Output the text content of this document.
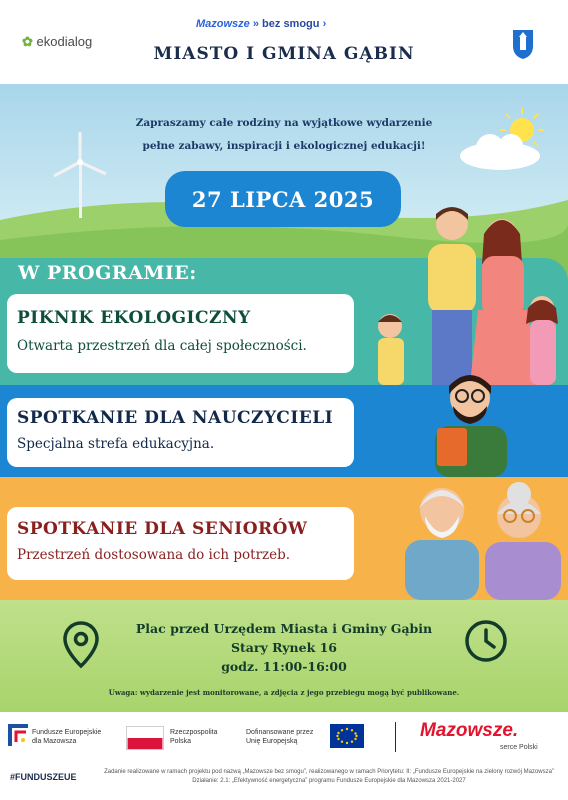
✿ ekodialog
Mazowsze » bez smogu ›
MIASTO I GMINA GĄBIN
Zapraszamy całe rodziny na wyjątkowe wydarzenie
pełne zabawy, inspiracji i ekologicznej edukacji!
27 LIPCA 2025
W PROGRAMIE:
PIKNIK EKOLOGICZNY
Otwarta przestrzeń dla całej społeczności.
SPOTKANIE DLA NAUCZYCIELI
Specjalna strefa edukacyjna.
SPOTKANIE DLA SENIORÓW
Przestrzeń dostosowana do ich potrzeb.
Plac przed Urzędem Miasta i Gminy Gąbin
Stary Rynek 16
godz. 11:00-16:00
Uwaga: wydarzenie jest monitorowane, a zdjęcia z jego przebiegu mogą być publikowane.
Fundusze Europejskie
dla Mazowsza
Rzeczpospolita
Polska
Dofinansowane przez
Unię Europejską
Mazowsze.
serce Polski
#FUNDUSZEUE	Zadanie realizowane w ramach projektu pod nazwą „Mazowsze bez smogu”, realizowanego w ramach Priorytetu: II: „Fundusze Europejskie na zielony rozwój Mazowsza” Działanie: 2.1: „Efektywność energetyczna” programu Fundusze Europejskie dla Mazowsza 2021-2027
